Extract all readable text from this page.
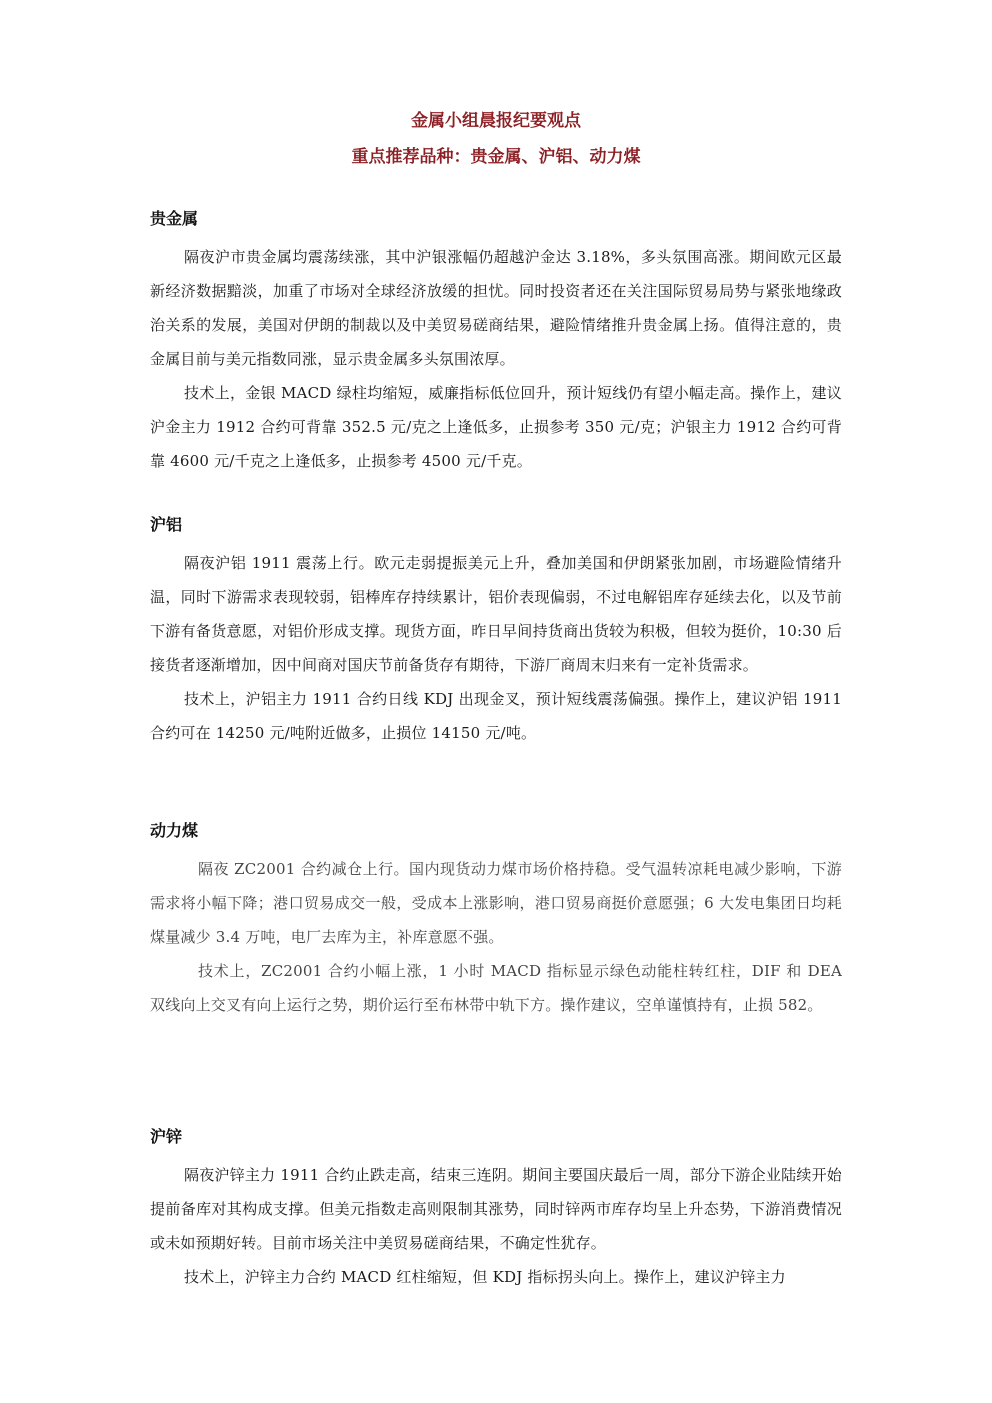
金属小组晨报纪要观点
重点推荐品种：贵金属、沪铝、动力煤
贵金属

隔夜沪市贵金属均震荡续涨，其中沪银涨幅仍超越沪金达 3.18%，多头氛围高涨。期间欧元区最新经济数据黯淡，加重了市场对全球经济放缓的担忧。同时投资者还在关注国际贸易局势与紧张地缘政治关系的发展，美国对伊朗的制裁以及中美贸易磋商结果，避险情绪推升贵金属上扬。值得注意的，贵金属目前与美元指数同涨，显示贵金属多头氛围浓厚。

技术上，金银 MACD 绿柱均缩短，威廉指标低位回升，预计短线仍有望小幅走高。操作上，建议沪金主力 1912 合约可背靠 352.5 元/克之上逢低多，止损参考 350 元/克；沪银主力 1912 合约可背靠 4600 元/千克之上逢低多，止损参考 4500 元/千克。

沪铝

隔夜沪铝 1911 震荡上行。欧元走弱提振美元上升，叠加美国和伊朗紧张加剧，市场避险情绪升温，同时下游需求表现较弱，铝棒库存持续累计，铝价表现偏弱，不过电解铝库存延续去化，以及节前下游有备货意愿，对铝价形成支撑。现货方面，昨日早间持货商出货较为积极，但较为挺价，10:30 后接货者逐渐增加，因中间商对国庆节前备货存有期待，下游厂商周末归来有一定补货需求。

技术上，沪铝主力 1911 合约日线 KDJ 出现金叉，预计短线震荡偏强。操作上，建议沪铝 1911 合约可在 14250 元/吨附近做多，止损位 14150 元/吨。

动力煤

隔夜 ZC2001 合约减仓上行。国内现货动力煤市场价格持稳。受气温转凉耗电减少影响，下游需求将小幅下降；港口贸易成交一般，受成本上涨影响，港口贸易商挺价意愿强；6 大发电集团日均耗煤量减少 3.4 万吨，电厂去库为主，补库意愿不强。

技术上，ZC2001 合约小幅上涨，1 小时 MACD 指标显示绿色动能柱转红柱，DIF 和 DEA 双线向上交叉有向上运行之势，期价运行至布林带中轨下方。操作建议，空单谨慎持有，止损 582。

沪锌

隔夜沪锌主力 1911 合约止跌走高，结束三连阴。期间主要国庆最后一周，部分下游企业陆续开始提前备库对其构成支撑。但美元指数走高则限制其涨势，同时锌两市库存均呈上升态势，下游消费情况或未如预期好转。目前市场关注中美贸易磋商结果，不确定性犹存。

技术上，沪锌主力合约 MACD 红柱缩短，但 KDJ 指标拐头向上。操作上，建议沪锌主力
